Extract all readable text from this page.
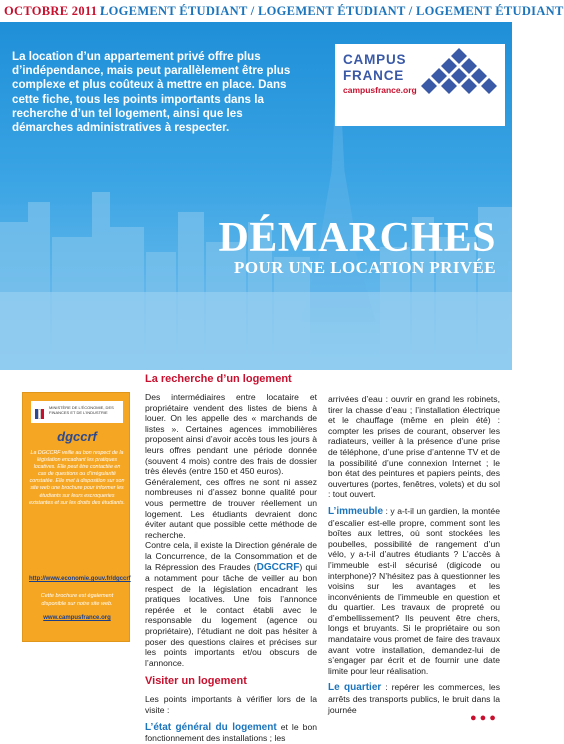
OCTOBRE 2011 /
LOGEMENT ÉTUDIANT / LOGEMENT ÉTUDIANT / LOGEMENT ÉTUDIANT
La location d’un appartement privé offre plus d’indépendance, mais peut parallèlement être plus complexe et plus coûteux à mettre en place. Dans cette fiche, tous les points importants dans la recherche d’un tel logement, ainsi que les démarches administratives à respecter.
CAMPUS
FRANCE
campusfrance.org
DÉMARCHES
POUR UNE LOCATION PRIVÉE
MINISTÈRE DE L'ÉCONOMIE, DES FINANCES ET DE L'INDUSTRIE
dgccrf
La DGCCRF veille au bon respect de la législation encadrant les pratiques locatives. Elle peut être contactée en cas de questions ou d’irrégularité constatée. Elle met à disposition sur son site web une brochure pour informer les étudiants sur leurs escroqueries existantes et sur les droits des étudiants.
http://www.economie.gouv.fr/dgccrf
Cette brochure est également disponible sur notre site web.
www.campusfrance.org
La recherche d’un logement

Des intermédiaires entre locataire et propriétaire vendent des listes de biens à louer. On les appelle des « marchands de listes ». Certaines agences immobilières proposent ainsi d’avoir accès tous les jours à leurs offres pendant une période donnée (souvent 4 mois) contre des frais de dossier très élevés (entre 150 et 450 euros).

Généralement, ces offres ne sont ni assez nombreuses ni d’assez bonne qualité pour vous permettre de trouver réellement un logement. Les étudiants devraient donc éviter autant que possible cette méthode de recherche.

Contre cela, il existe la Direction générale de la Concurrence, de la Consommation et de la Répression des Fraudes (DGCCRF) qui a notamment pour tâche de veiller au bon respect de la législation encadrant les pratiques locatives. Une fois l’annonce repérée et le contact établi avec le responsable du logement (agence ou propriétaire), l’étudiant ne doit pas hésiter à poser des questions claires et précises sur les points importants et/ou obscurs de l’annonce.

Visiter un logement

Les points importants à vérifier lors de la visite :

L’état général du logement et le bon fonctionnement des installations ; les

arrivées d’eau : ouvrir en grand les robinets, tirer la chasse d’eau ; l’installation électrique et le chauffage (même en plein été) : compter les prises de courant, observer les radiateurs, veiller à la présence d’une prise de téléphone, d’une prise d’antenne TV et de la possibilité d’une connexion Internet ; le bon état des peintures et papiers peints, des ouvertures (portes, fenêtres, volets) et du sol : tout ouvert.

L’immeuble : y a-t-il un gardien, la montée d’escalier est-elle propre, comment sont les boîtes aux lettres, où sont stockées les poubelles, possibilité de rangement d’un vélo, y a-t-il d’autres étudiants ? L’accès à l’immeuble est-il sécurisé (digicode ou interphone)? N’hésitez pas à questionner les voisins sur les avantages et les inconvénients de l’immeuble en question et du quartier. Les travaux de propreté ou d’embellissement? Ils peuvent être chers, longs et bruyants. Si le propriétaire ou son mandataire vous promet de faire des travaux avant votre installation, demandez-lui de s’engager par écrit et de fournir une date limite pour leur réalisation.

Le quartier : repérer les commerces, les arrêts des transports publics, le bruit dans la journée

●●●
